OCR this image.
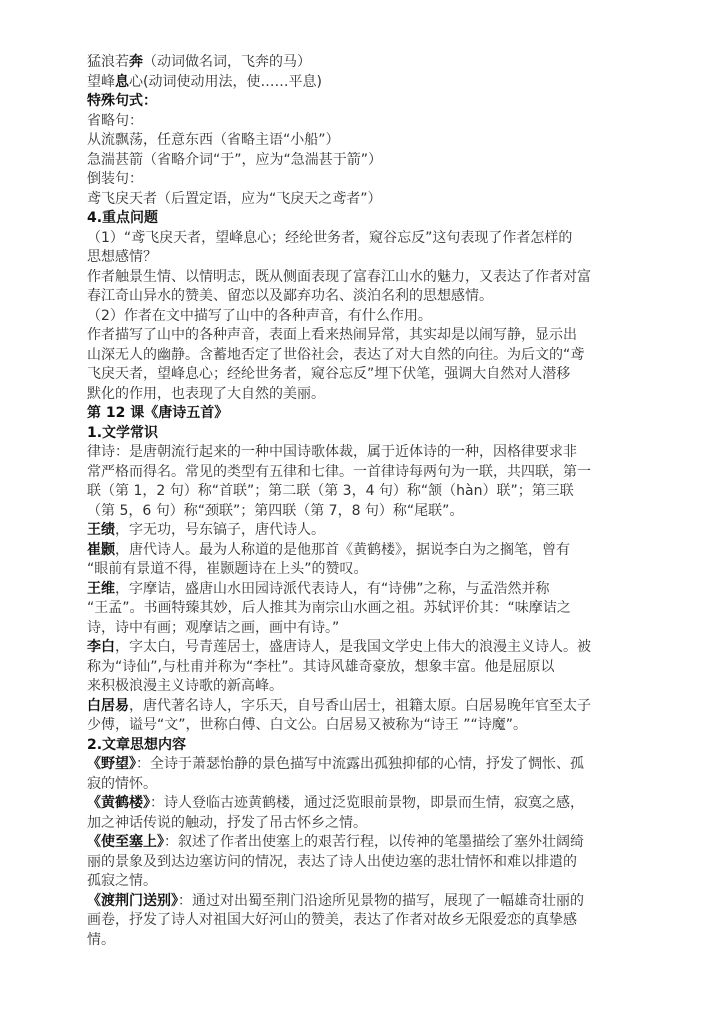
猛浪若奔（动词做名词，飞奔的马）
望峰息心(动词使动用法，使……平息)
特殊句式：
省略句：
从流飘荡，任意东西（省略主语“小船”）
急湍甚箭（省略介词“于”，应为“急湍甚于箭”）
倒装句：
鸢飞戾天者（后置定语，应为“飞戾天之鸢者”）
4.重点问题
（1）“鸢飞戾天者，望峰息心；经纶世务者，窥谷忘反”这句表现了作者怎样的
思想感情？
作者触景生情、以情明志，既从侧面表现了富春江山水的魅力，又表达了作者对富
春江奇山异水的赞美、留恋以及鄙弃功名、淡泊名利的思想感情。
（2）作者在文中描写了山中的各种声音，有什么作用。
作者描写了山中的各种声音，表面上看来热闹异常，其实却是以闹写静，显示出
山深无人的幽静。含蓄地否定了世俗社会，表达了对大自然的向往。为后文的“鸢
飞戾天者，望峰息心；经纶世务者，窥谷忘反”埋下伏笔，强调大自然对人潜移
默化的作用，也表现了大自然的美丽。
第 12 课《唐诗五首》
1.文学常识
律诗：是唐朝流行起来的一种中国诗歌体裁，属于近体诗的一种，因格律要求非
常严格而得名。常见的类型有五律和七律。一首律诗每两句为一联，共四联，第一
联（第 1，2 句）称“首联”；第二联（第 3，4 句）称“颔（hàn）联”；第三联
（第 5，6 句）称“颈联”；第四联（第 7，8 句）称“尾联”。
王绩，字无功，号东镐子，唐代诗人。
崔颢，唐代诗人。最为人称道的是他那首《黄鹤楼》，据说李白为之搁笔，曾有
“眼前有景道不得，崔颢题诗在上头”的赞叹。
王维，字摩诘，盛唐山水田园诗派代表诗人，有“诗佛”之称，与孟浩然并称
“王孟”。书画特臻其妙，后人推其为南宗山水画之祖。苏轼评价其：“味摩诘之
诗，诗中有画；观摩诘之画，画中有诗。”
李白，字太白，号青莲居士，盛唐诗人，是我国文学史上伟大的浪漫主义诗人。被
称为“诗仙”,与杜甫并称为“李杜”。其诗风雄奇豪放，想象丰富。他是屈原以
来积极浪漫主义诗歌的新高峰。
白居易，唐代著名诗人，字乐天，自号香山居士，祖籍太原。白居易晚年官至太子
少傅，谥号“文”，世称白傅、白文公。白居易又被称为“诗王 ”“诗魔”。
2.文章思想内容
《野望》：全诗于萧瑟怡静的景色描写中流露出孤独抑郁的心情，抒发了惆怅、孤
寂的情怀。
《黄鹤楼》：诗人登临古迹黄鹤楼，通过泛览眼前景物，即景而生情，寂寞之感，
加之神话传说的触动，抒发了吊古怀乡之情。
《使至塞上》：叙述了作者出使塞上的艰苦行程，以传神的笔墨描绘了塞外壮阔绮
丽的景象及到达边塞访问的情况，表达了诗人出使边塞的悲壮情怀和难以排遣的
孤寂之情。
《渡荆门送别》：通过对出蜀至荆门沿途所见景物的描写，展现了一幅雄奇壮丽的
画卷，抒发了诗人对祖国大好河山的赞美，表达了作者对故乡无限爱恋的真挚感
情。
